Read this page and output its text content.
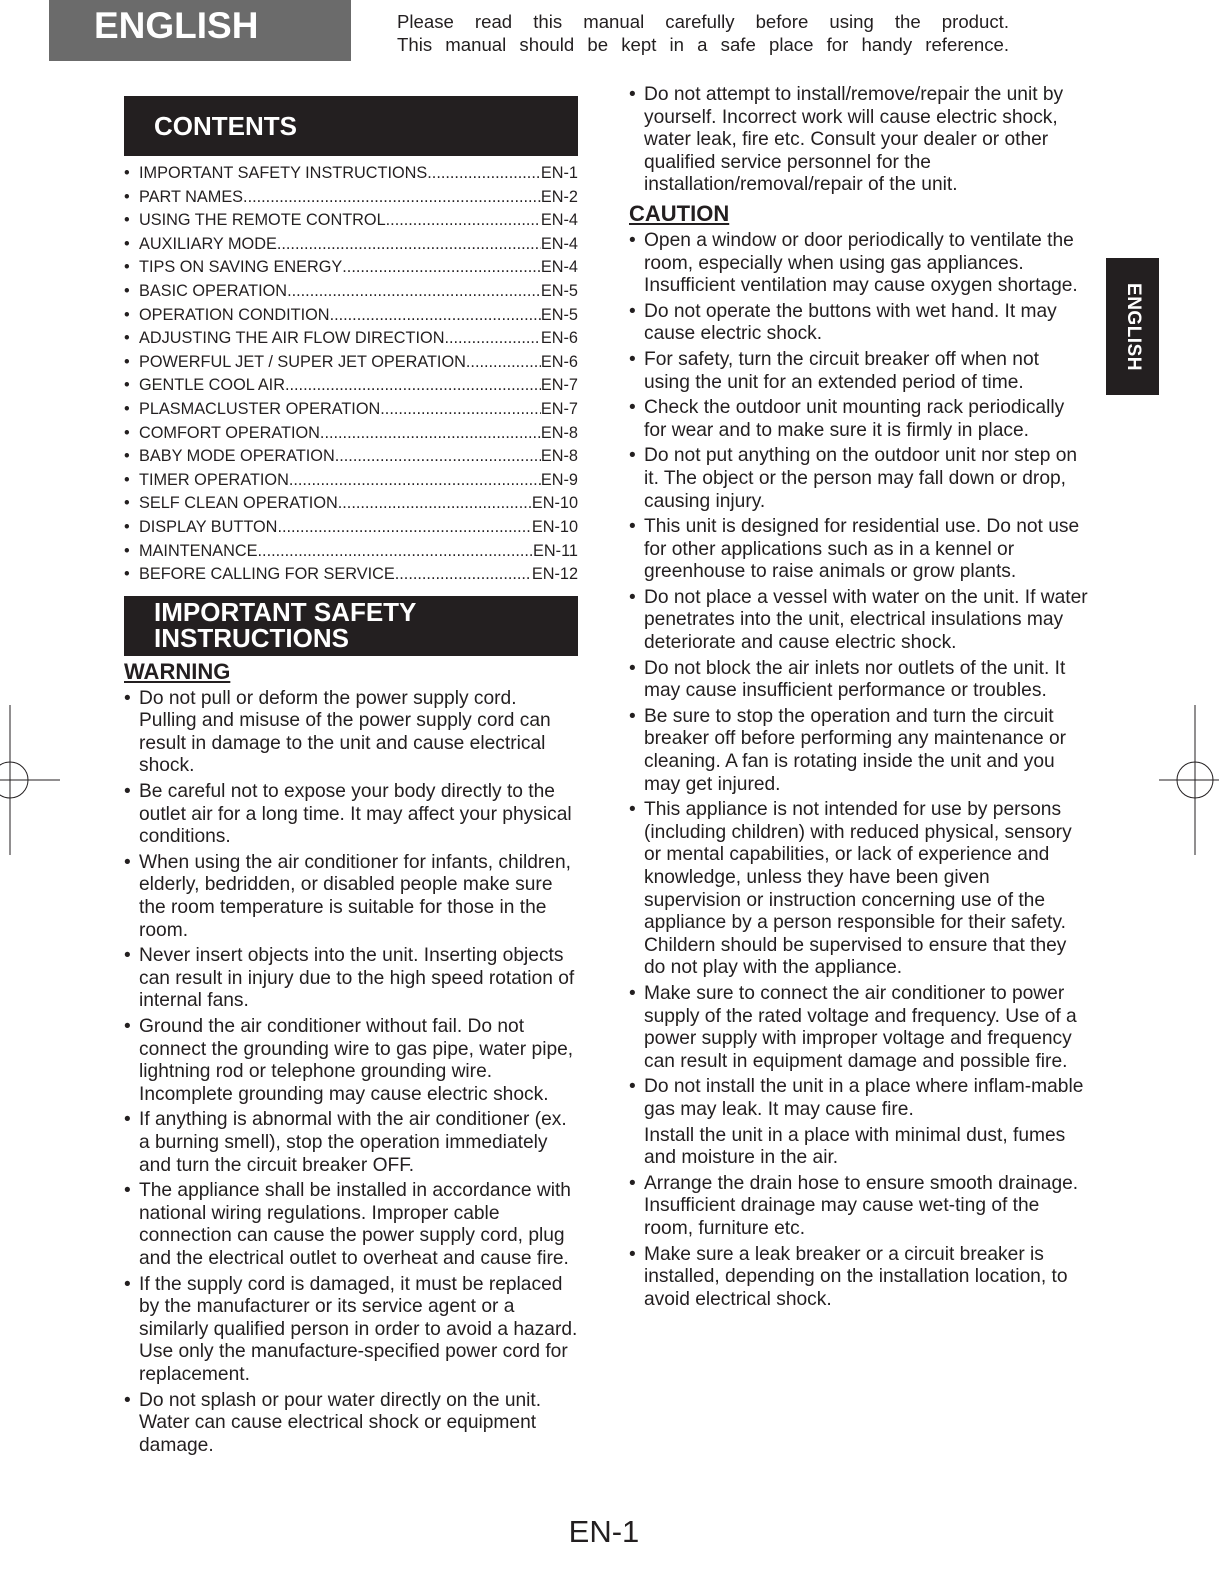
ENGLISH	Please read this manual carefully before using the product.
This manual should be kept in a safe place for handy reference.
ENGLISH
CONTENTS
• IMPORTANT SAFETY INSTRUCTIONS .....	EN-1
• PART NAMES .....	EN-2
• USING THE REMOTE CONTROL .....	EN-4
• AUXILIARY MODE .....	EN-4
• TIPS ON SAVING ENERGY .....	EN-4
• BASIC OPERATION .....	EN-5
• OPERATION CONDITION .....	EN-5
• ADJUSTING THE AIR FLOW DIRECTION .....	EN-6
• POWERFUL JET / SUPER JET OPERATION .....	EN-6
• GENTLE COOL AIR .....	EN-7
• PLASMACLUSTER OPERATION .....	EN-7
• COMFORT OPERATION .....	EN-8
• BABY MODE OPERATION .....	EN-8
• TIMER OPERATION .....	EN-9
• SELF CLEAN OPERATION .....	EN-10
• DISPLAY BUTTON .....	EN-10
• MAINTENANCE .....	EN-11
• BEFORE CALLING FOR SERVICE .....	EN-12
IMPORTANT SAFETY
INSTRUCTIONS
WARNING
• Do not pull or deform the power supply cord. Pulling and misuse of the power supply cord can result in damage to the unit and cause electrical shock.
• Be careful not to expose your body directly to the outlet air for a long time. It may affect your physical conditions.
• When using the air conditioner for infants, children, elderly, bedridden, or disabled people make sure the room temperature is suitable for those in the room.
• Never insert objects into the unit. Inserting objects can result in injury due to the high speed rotation of internal fans.
• Ground the air conditioner without fail. Do not connect the grounding wire to gas pipe, water pipe, lightning rod or telephone grounding wire. Incomplete grounding may cause electric shock.
• If anything is abnormal with the air conditioner (ex. a burning smell), stop the operation immediately and turn the circuit breaker OFF.
• The appliance shall be installed in accordance with national wiring regulations. Improper cable connection can cause the power supply cord, plug and the electrical outlet to overheat and cause fire.
• If the supply cord is damaged, it must be replaced by the manufacturer or its service agent or a similarly qualified person in order to avoid a hazard. Use only the manufacture-specified power cord for replacement.
• Do not splash or pour water directly on the unit. Water can cause electrical shock or equipment damage.
• Do not attempt to install/remove/repair the unit by yourself. Incorrect work will cause electric shock, water leak, fire etc. Consult your dealer or other qualified service personnel for the installation/removal/repair of the unit.
CAUTION
• Open a window or door periodically to ventilate the room, especially when using gas appliances. Insufficient ventilation may cause oxygen shortage.
• Do not operate the buttons with wet hand. It may cause electric shock.
• For safety, turn the circuit breaker off when not using the unit for an extended period of time.
• Check the outdoor unit mounting rack periodically for wear and to make sure it is firmly in place.
• Do not put anything on the outdoor unit nor step on it. The object or the person may fall down or drop, causing injury.
• This unit is designed for residential use. Do not use for other applications such as in a kennel or greenhouse to raise animals or grow plants.
• Do not place a vessel with water on the unit. If water penetrates into the unit, electrical insulations may deteriorate and cause electric shock.
• Do not block the air inlets nor outlets of the unit. It may cause insufficient performance or troubles.
• Be sure to stop the operation and turn the circuit breaker off before performing any maintenance or cleaning. A fan is rotating inside the unit and you may get injured.
• This appliance is not intended for use by persons (including children) with reduced physical, sensory or mental capabilities, or lack of experience and knowledge, unless they have been given supervision or instruction concerning use of the appliance by a person responsible for their safety. Childern should be supervised to ensure that they do not play with the appliance.
• Make sure to connect the air conditioner to power supply of the rated voltage and frequency. Use of a power supply with improper voltage and frequency can result in equipment damage and possible fire.
• Do not install the unit in a place where inflam-mable gas may leak. It may cause fire.
Install the unit in a place with minimal dust, fumes and moisture in the air.
• Arrange the drain hose to ensure smooth drainage. Insufficient drainage may cause wet-ting of the room, furniture etc.
• Make sure a leak breaker or a circuit breaker is installed, depending on the installation location, to avoid electrical shock.
EN-1
